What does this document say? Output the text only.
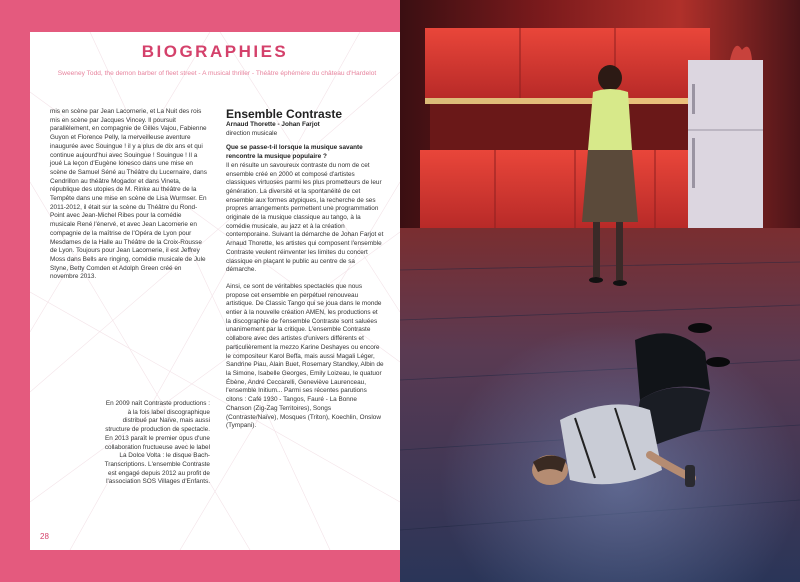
BIOGRAPHIES
Sweeney Todd, the demon barber of fleet street - A musical thriller - Théâtre éphémère du château d'Hardelot

mis en scène par Jean Lacornerie, et La Nuit des rois mis en scène par Jacques Vincey. Il poursuit parallèlement, en compagnie de Gilles Vajou, Fabienne Guyon et Florence Pelly, la merveilleuse aventure inaugurée avec Souingue ! il y a plus de dix ans et qui continue aujourd'hui avec Souingue ! Souingue ! Il a joué La leçon d'Eugène Ionesco dans une mise en scène de Samuel Séné au Théâtre du Lucernaire, dans Cendrillon au théâtre Mogador et dans Vineta, république des utopies de M. Rinke au théâtre de la Tempête dans une mise en scène de Lisa Wurmser. En 2011-2012, il était sur la scène du Théâtre du Rond- Point avec Jean-Michel Ribes pour la comédie musicale René l'énervé, et avec Jean Lacornerie en compagnie de la maîtrise de l'Opéra de Lyon pour Mesdames de la Halle au Théâtre de la Croix-Rousse de Lyon. Toujours pour Jean Lacornerie, il est Jeffrey Moss dans Bells are ringing, comédie musicale de Jule Styne, Betty Comden et Adolph Green créé en novembre 2013.

En 2009 naît Contraste productions : à la fois label discographique distribué par Naïve, mais aussi structure de production de spectacle. En 2013 paraît le premier opus d'une collaboration fructueuse avec le label La Dolce Volta : le disque Bach-Transcriptions. L'ensemble Contraste est engagé depuis 2012 au profit de l'association SOS Villages d'Enfants.

Ensemble Contraste

Arnaud Thorette - Johan Farjot

direction musicale

Que se passe-t-il lorsque la musique savante rencontre la musique populaire ?

Il en résulte un savoureux contraste du nom de cet ensemble créé en 2000 et composé d'artistes classiques virtuoses parmi les plus prometteurs de leur génération. La diversité et la spontanéité de cet ensemble aux formes atypiques, la recherche de ses propres arrangements permettent une programmation originale de la musique classique au tango, à la comédie musicale, au jazz et à la création contemporaine. Suivant la démarche de Johan Farjot et Arnaud Thorette, les artistes qui composent l'ensemble Contraste veulent réinventer les limites du concert classique en plaçant le public au centre de sa démarche.

Ainsi, ce sont de véritables spectacles que nous propose cet ensemble en perpétuel renouveau artistique. De Classic Tango qui se joua dans le monde entier à la nouvelle création AMEN, les productions et la discographie de l'ensemble Contraste sont saluées unanimement par la critique. L'ensemble Contraste collabore avec des artistes d'univers différents et particulièrement la mezzo Karine Deshayes ou encore le compositeur Karol Beffa, mais aussi Magali Léger, Sandrine Piau, Alain Buet, Rosemary Standley, Albin de la Simone, Isabelle Georges, Emily Loizeau, le quatuor Ébène, André Ceccarelli, Geneviève Laurenceau, l'ensemble Initium... Parmi ses récentes parutions citons : Café 1930 - Tangos, Fauré - La Bonne Chanson (Zig-Zag Territoires), Songs (Contraste/Naïve), Mosques (Triton), Koechlin, Onslow (Tympani).

28
